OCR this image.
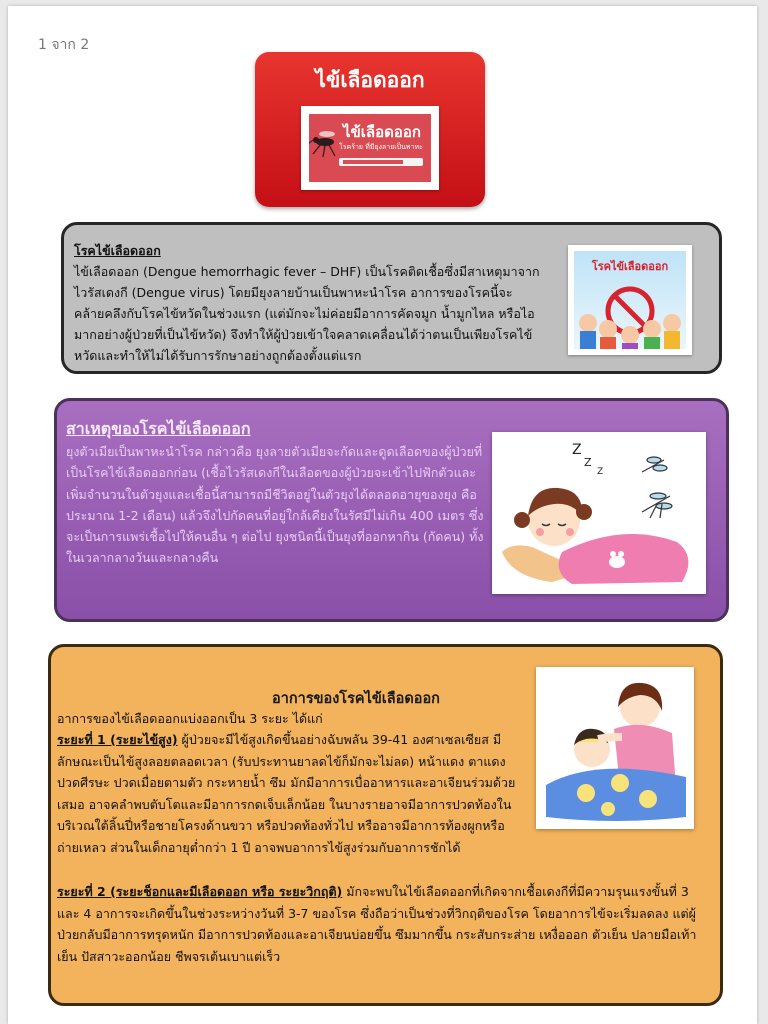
1 จาก 2
ไข้เลือดออก
ไข้เลือดออก
โรคร้าย ที่มียุงลายเป็นพาหะ
โรคไข้เลือดออก
ไข้เลือดออก (Dengue hemorrhagic fever – DHF) เป็นโรคติดเชื้อซึ่งมีสาเหตุมาจากไวรัสเดงกี (Dengue virus) โดยมียุงลายบ้านเป็นพาหะนำโรค อาการของโรคนี้จะคล้ายคลึงกับโรคไข้หวัดในช่วงแรก (แต่มักจะไม่ค่อยมีอาการคัดจมูก น้ำมูกไหล หรือไอมากอย่างผู้ป่วยที่เป็นไข้หวัด) จึงทำให้ผู้ป่วยเข้าใจคลาดเคลื่อนได้ว่าตนเป็นเพียงโรคไข้หวัดและทำให้ไม่ได้รับการรักษาอย่างถูกต้องตั้งแต่แรก
โรคไข้เลือดออก
สาเหตุของโรคไข้เลือดออก
ยุงตัวเมียเป็นพาหะนำโรค กล่าวคือ ยุงลายตัวเมียจะกัดและดูดเลือดของผู้ป่วยที่เป็นโรคไข้เลือดออกก่อน (เชื้อไวรัสเดงกีในเลือดของผู้ป่วยจะเข้าไปฟักตัวและเพิ่มจำนวนในตัวยุงและเชื้อนี้สามารถมีชีวิตอยู่ในตัวยุงได้ตลอดอายุของยุง คือ ประมาณ 1-2 เดือน) แล้วจึงไปกัดคนที่อยู่ใกล้เคียงในรัศมีไม่เกิน 400 เมตร ซึ่งจะเป็นการแพร่เชื้อไปให้คนอื่น ๆ ต่อไป ยุงชนิดนี้เป็นยุงที่ออกหากิน (กัดคน) ทั้งในเวลากลางวันและกลางคืน
Z
Z
Z
อาการของโรคไข้เลือดออก
อาการของไข้เลือดออกแบ่งออกเป็น 3 ระยะ ได้แก่
ระยะที่ 1 (ระยะไข้สูง) ผู้ป่วยจะมีไข้สูงเกิดขึ้นอย่างฉับพลัน 39-41 องศาเซลเซียส มีลักษณะเป็นไข้สูงลอยตลอดเวลา (รับประทานยาลดไข้ก็มักจะไม่ลด) หน้าแดง ตาแดง ปวดศีรษะ ปวดเมื่อยตามตัว กระหายน้ำ ซึม มักมีอาการเบื่ออาหารและอาเจียนร่วมด้วยเสมอ อาจคลำพบตับโตและมีอาการกดเจ็บเล็กน้อย ในบางรายอาจมีอาการปวดท้องในบริเวณใต้ลิ้นปี่หรือชายโครงด้านขวา หรือปวดท้องทั่วไป หรืออาจมีอาการท้องผูกหรือถ่ายเหลว ส่วนในเด็กอายุต่ำกว่า 1 ปี อาจพบอาการไข้สูงร่วมกับอาการชักได้
ระยะที่ 2 (ระยะช็อกและมีเลือดออก หรือ ระยะวิกฤติ) มักจะพบในไข้เลือดออกที่เกิดจากเชื้อเดงกีที่มีความรุนแรงขั้นที่ 3 และ 4 อาการจะเกิดขึ้นในช่วงระหว่างวันที่ 3-7 ของโรค ซึ่งถือว่าเป็นช่วงที่วิกฤติของโรค โดยอาการไข้จะเริ่มลดลง แต่ผู้ป่วยกลับมีอาการทรุดหนัก มีอาการปวดท้องและอาเจียนบ่อยขึ้น ซึมมากขึ้น กระสับกระส่าย เหงื่อออก ตัวเย็น ปลายมือเท้าเย็น ปัสสาวะออกน้อย ชีพจรเต้นเบาแต่เร็ว
